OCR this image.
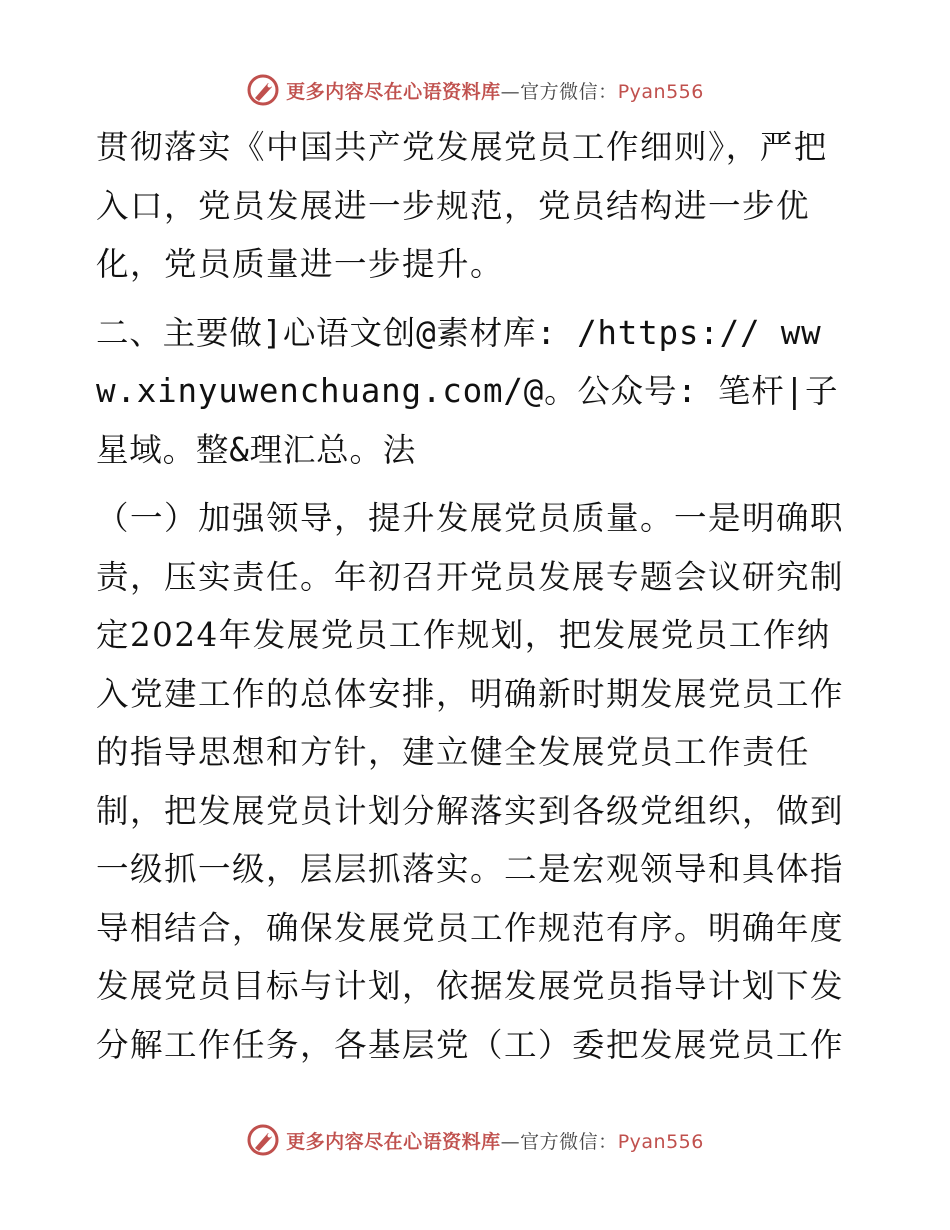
更多内容尽在心语资料库—官方微信：Pyan556

贯彻落实《中国共产党发展党员工作细则》，严把入口，党员发展进一步规范，党员结构进一步优化，党员质量进一步提升。

二、主要做]心语文创@素材库: /https:// www.xinyuwenchuang.com/@。公众号: 笔杆|子星域。整&理汇总。法

（一）加强领导，提升发展党员质量。一是明确职责，压实责任。年初召开党员发展专题会议研究制定2024年发展党员工作规划，把发展党员工作纳入党建工作的总体安排，明确新时期发展党员工作的指导思想和方针，建立健全发展党员工作责任制，把发展党员计划分解落实到各级党组织，做到一级抓一级，层层抓落实。二是宏观领导和具体指导相结合，确保发展党员工作规范有序。明确年度发展党员目标与计划，依据发展党员指导计划下发分解工作任务，各基层党（工）委把发展党员工作

更多内容尽在心语资料库—官方微信：Pyan556
